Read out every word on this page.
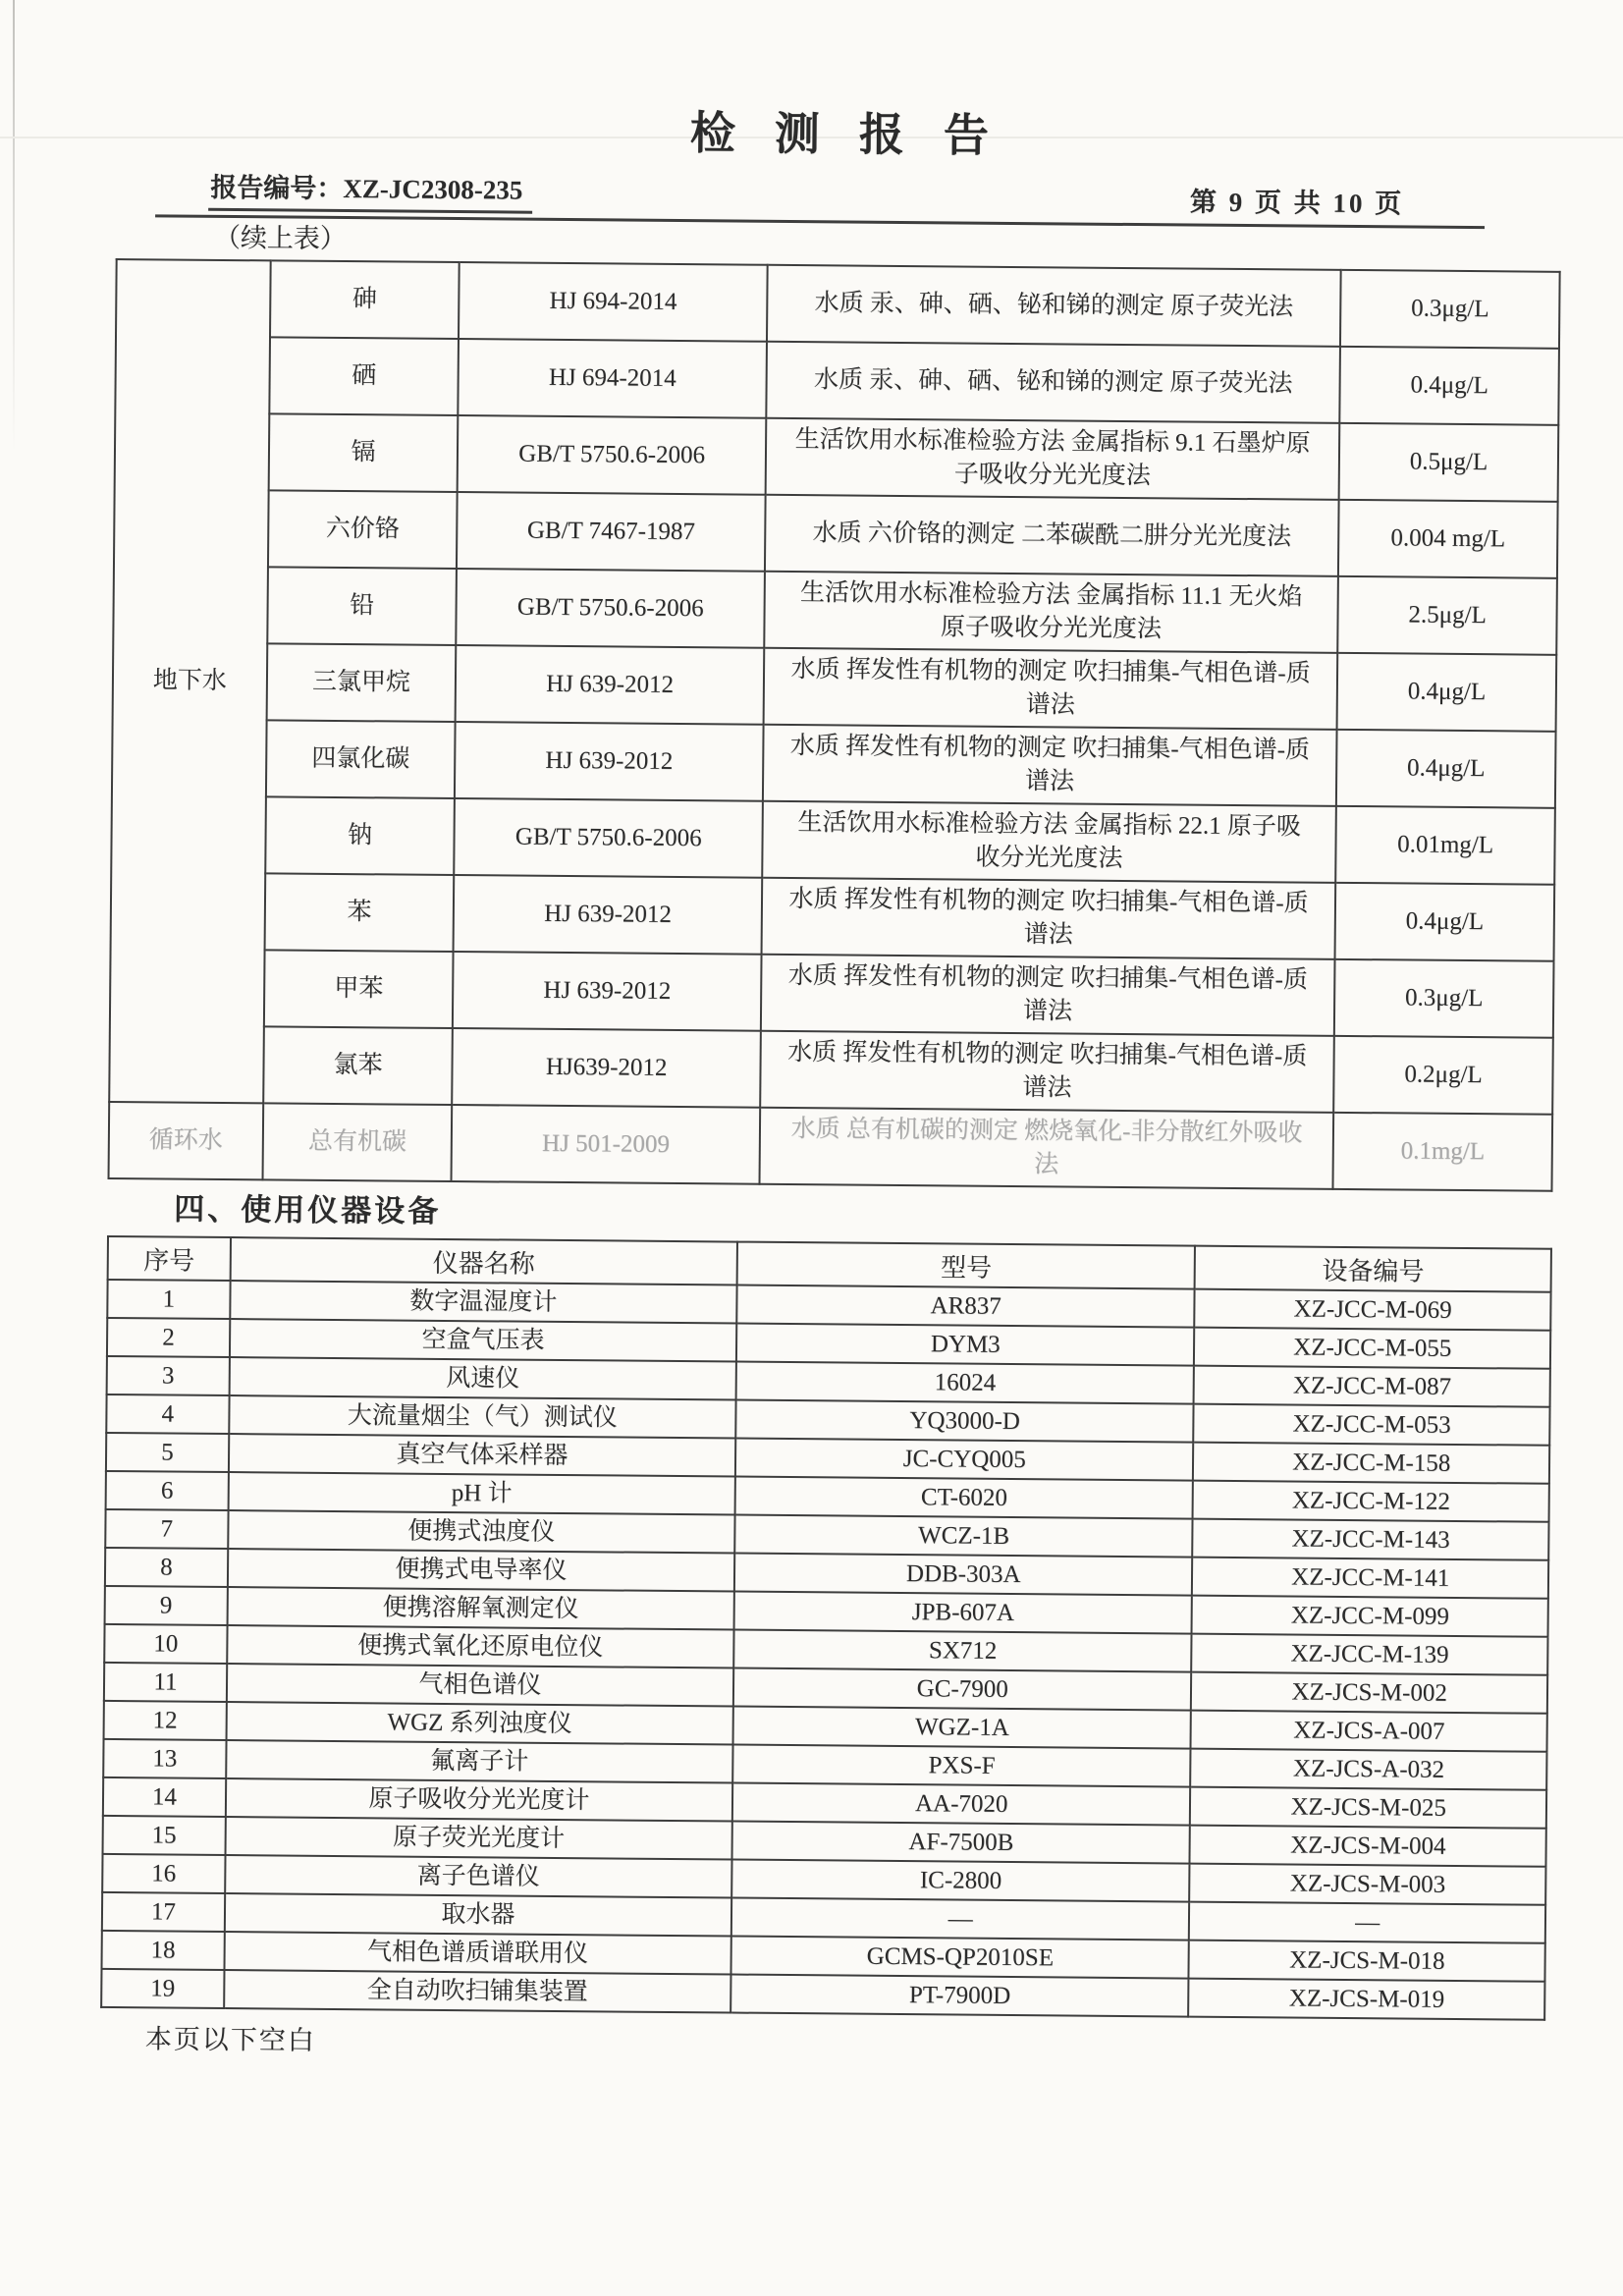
检测报告
报告编号：XZ-JC2308-235	第 9 页 共 10 页
（续上表）
地下水	砷	HJ 694-2014	水质 汞、砷、硒、铋和锑的测定 原子荧光法	0.3μg/L
	硒	HJ 694-2014	水质 汞、砷、硒、铋和锑的测定 原子荧光法	0.4μg/L
	镉	GB/T 5750.6-2006	生活饮用水标准检验方法 金属指标 9.1 石墨炉原子吸收分光光度法	0.5μg/L
	六价铬	GB/T 7467-1987	水质 六价铬的测定 二苯碳酰二肼分光光度法	0.004 mg/L
	铅	GB/T 5750.6-2006	生活饮用水标准检验方法 金属指标 11.1 无火焰原子吸收分光光度法	2.5μg/L
	三氯甲烷	HJ 639-2012	水质 挥发性有机物的测定 吹扫捕集-气相色谱-质谱法	0.4μg/L
	四氯化碳	HJ 639-2012	水质 挥发性有机物的测定 吹扫捕集-气相色谱-质谱法	0.4μg/L
	钠	GB/T 5750.6-2006	生活饮用水标准检验方法 金属指标 22.1 原子吸收分光光度法	0.01mg/L
	苯	HJ 639-2012	水质 挥发性有机物的测定 吹扫捕集-气相色谱-质谱法	0.4μg/L
	甲苯	HJ 639-2012	水质 挥发性有机物的测定 吹扫捕集-气相色谱-质谱法	0.3μg/L
	氯苯	HJ639-2012	水质 挥发性有机物的测定 吹扫捕集-气相色谱-质谱法	0.2μg/L
循环水	总有机碳	HJ 501-2009	水质 总有机碳的测定 燃烧氧化-非分散红外吸收法	0.1mg/L
四、使用仪器设备
序号	仪器名称	型号	设备编号
1	数字温湿度计	AR837	XZ-JCC-M-069
2	空盒气压表	DYM3	XZ-JCC-M-055
3	风速仪	16024	XZ-JCC-M-087
4	大流量烟尘（气）测试仪	YQ3000-D	XZ-JCC-M-053
5	真空气体采样器	JC-CYQ005	XZ-JCC-M-158
6	pH 计	CT-6020	XZ-JCC-M-122
7	便携式浊度仪	WCZ-1B	XZ-JCC-M-143
8	便携式电导率仪	DDB-303A	XZ-JCC-M-141
9	便携溶解氧测定仪	JPB-607A	XZ-JCC-M-099
10	便携式氧化还原电位仪	SX712	XZ-JCC-M-139
11	气相色谱仪	GC-7900	XZ-JCS-M-002
12	WGZ 系列浊度仪	WGZ-1A	XZ-JCS-A-007
13	氟离子计	PXS-F	XZ-JCS-A-032
14	原子吸收分光光度计	AA-7020	XZ-JCS-M-025
15	原子荧光光度计	AF-7500B	XZ-JCS-M-004
16	离子色谱仪	IC-2800	XZ-JCS-M-003
17	取水器	—	—
18	气相色谱质谱联用仪	GCMS-QP2010SE	XZ-JCS-M-018
19	全自动吹扫铺集装置	PT-7900D	XZ-JCS-M-019
本页以下空白
